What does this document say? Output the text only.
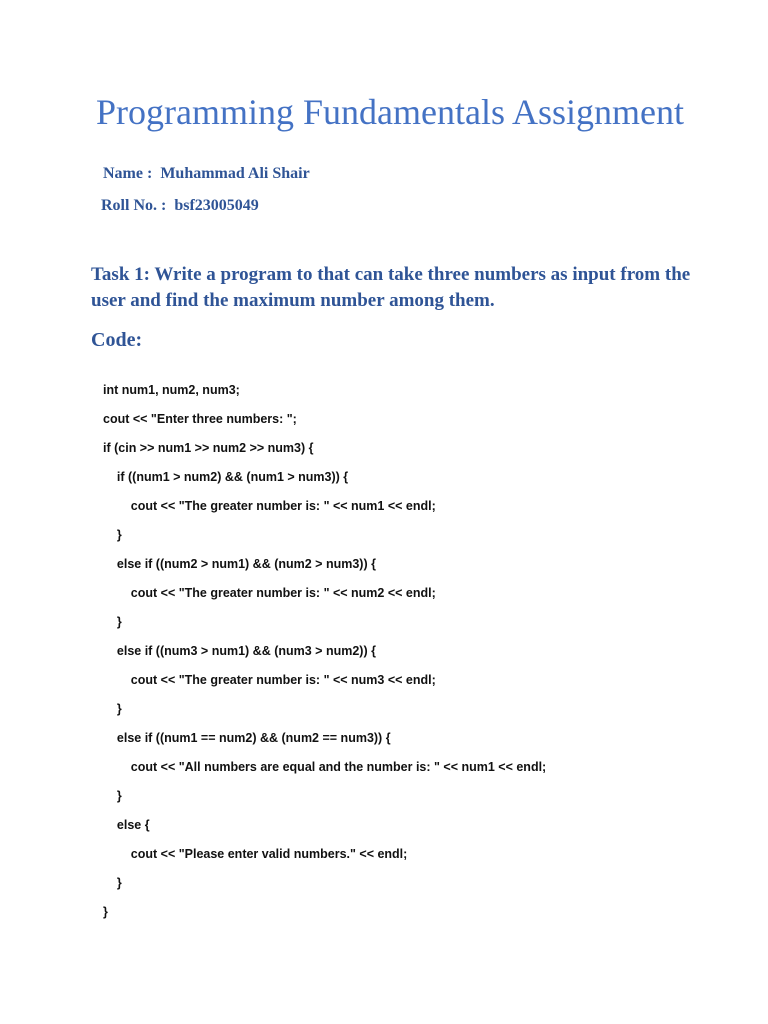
Programming Fundamentals Assignment
Name : Muhammad Ali Shair
Roll No. : bsf23005049
Task 1: Write a program to that can take three numbers as input from the user and find the maximum number among them.
Code:
int num1, num2, num3;
cout << "Enter three numbers: ";
if (cin >> num1 >> num2 >> num3) {
if ((num1 > num2) && (num1 > num3)) {
cout << "The greater number is: " << num1 << endl;
}
else if ((num2 > num1) && (num2 > num3)) {
cout << "The greater number is: " << num2 << endl;
}
else if ((num3 > num1) && (num3 > num2)) {
cout << "The greater number is: " << num3 << endl;
}
else if ((num1 == num2) && (num2 == num3)) {
cout << "All numbers are equal and the number is: " << num1 << endl;
}
else {
cout << "Please enter valid numbers." << endl;
}
}
